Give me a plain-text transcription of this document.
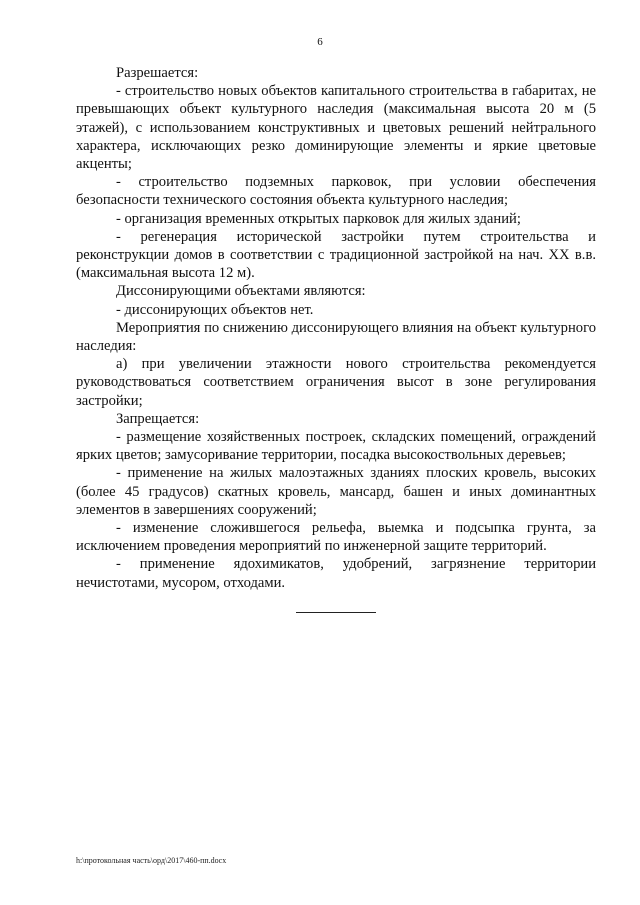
6

Разрешается:

- строительство новых объектов капитального строительства в габаритах, не превышающих объект культурного наследия (максимальная высота 20 м (5 этажей), с использованием конструктивных и цветовых решений нейтрального характера, исключающих резко доминирующие элементы и яркие цветовые акценты;

- строительство подземных парковок, при условии обеспечения безопасности технического состояния объекта культурного наследия;

- организация временных открытых парковок для жилых зданий;

- регенерация исторической застройки путем строительства и реконструкции домов в соответствии с традиционной застройкой на нач. XX в.в. (максимальная высота 12 м).

Диссонирующими объектами являются:

- диссонирующих объектов нет.

Мероприятия по снижению диссонирующего влияния на объект культурного наследия:

а) при увеличении этажности нового строительства рекомендуется руководствоваться соответствием ограничения высот в зоне регулирования застройки;

Запрещается:

- размещение хозяйственных построек, складских помещений, ограждений ярких цветов; замусоривание территории, посадка высокоствольных деревьев;

- применение на жилых малоэтажных зданиях плоских кровель, высоких (более 45 градусов) скатных кровель, мансард, башен и иных доминантных элементов в завершениях сооружений;

- изменение сложившегося рельефа, выемка и подсыпка грунта, за исключением проведения мероприятий по инженерной защите территорий.

- применение ядохимикатов, удобрений, загрязнение территории нечистотами, мусором, отходами.

h:\протокольная часть\орд\2017\460-пп.docx
